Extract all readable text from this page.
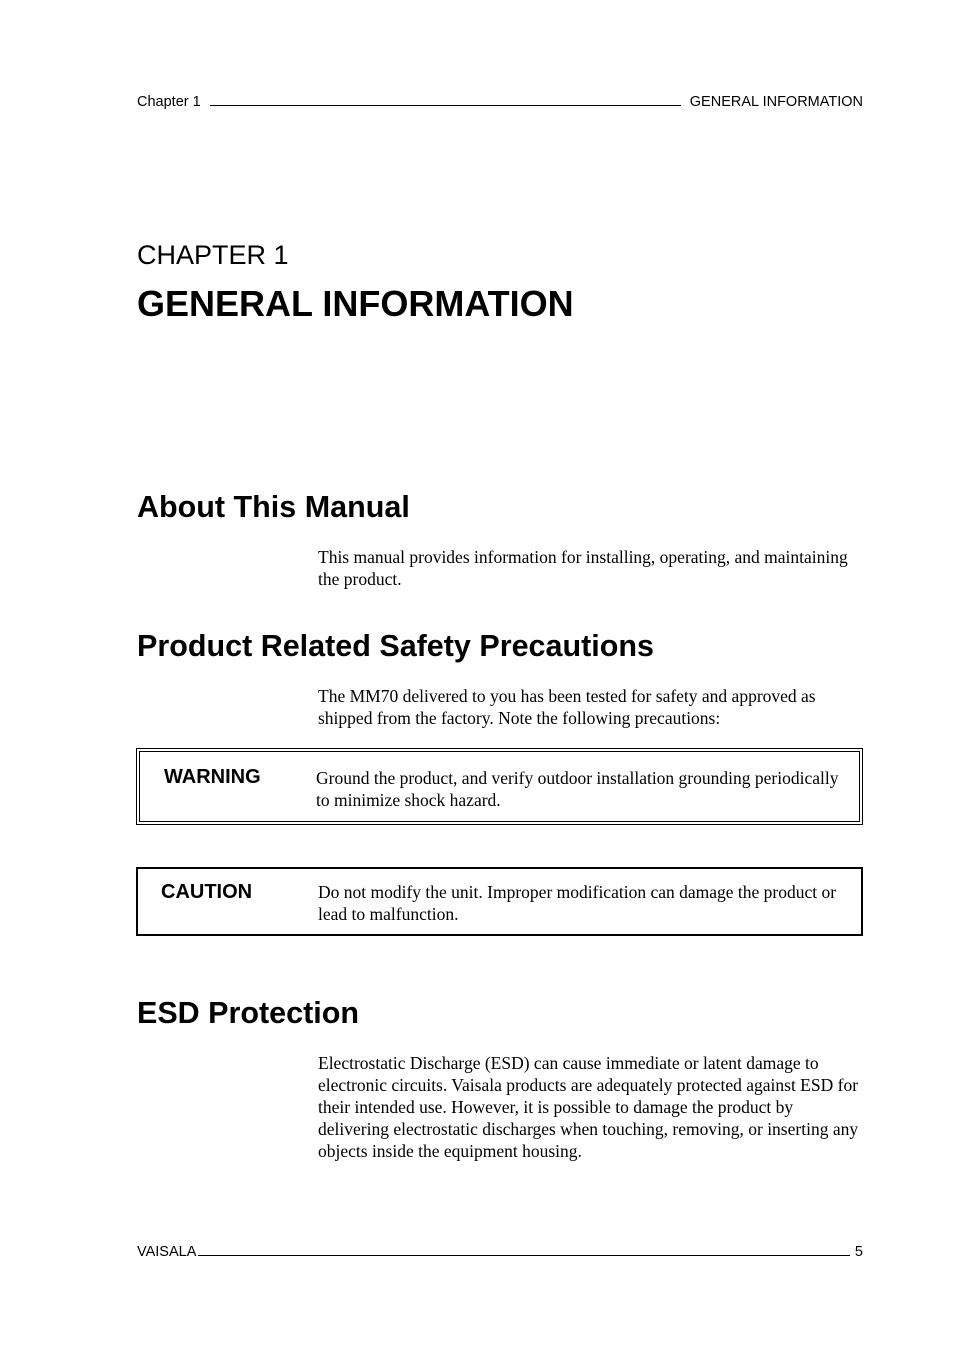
Chapter 1	GENERAL INFORMATION
CHAPTER 1
GENERAL INFORMATION
About This Manual

This manual provides information for installing, operating, and maintaining the product.

Product Related Safety Precautions

The MM70 delivered to you has been tested for safety and approved as shipped from the factory. Note the following precautions:

WARNING	Ground the product, and verify outdoor installation grounding periodically to minimize shock hazard.
CAUTION	Do not modify the unit. Improper modification can damage the product or lead to malfunction.
ESD Protection

Electrostatic Discharge (ESD) can cause immediate or latent damage to electronic circuits. Vaisala products are adequately protected against ESD for their intended use. However, it is possible to damage the product by delivering electrostatic discharges when touching, removing, or inserting any objects inside the equipment housing.

VAISALA	5
